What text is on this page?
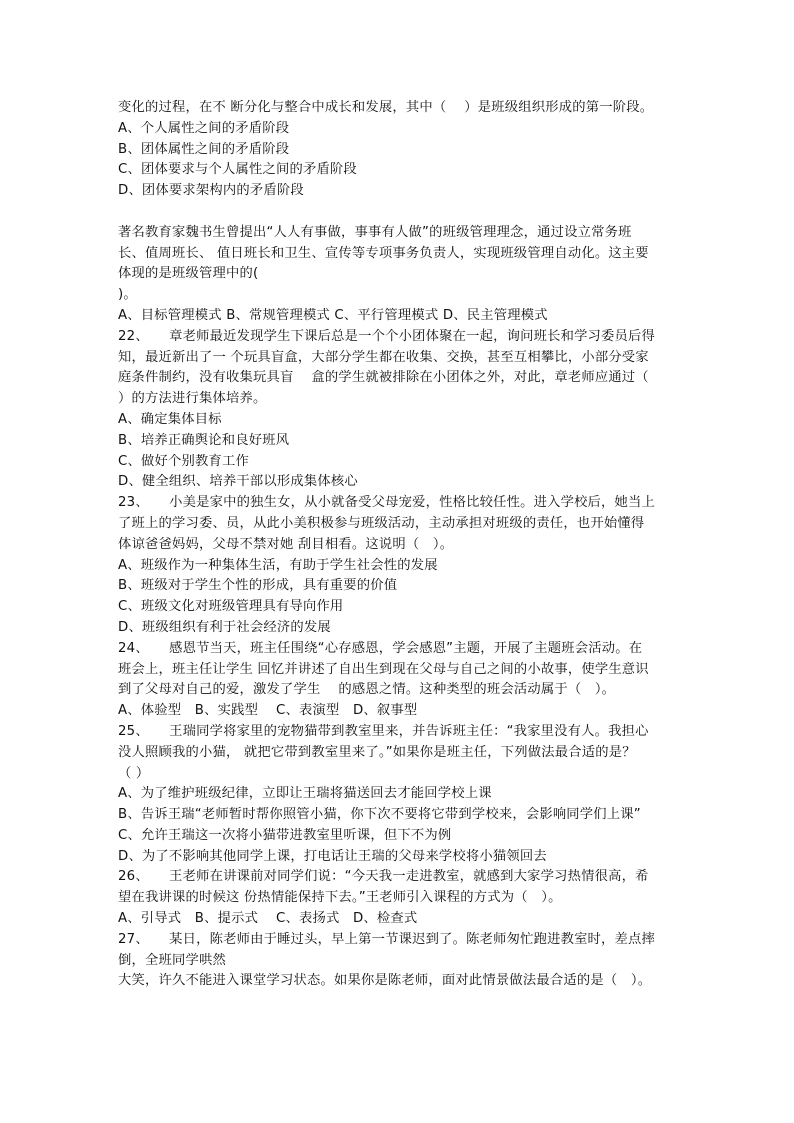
变化的过程，在不 断分化与整合中成长和发展，其中（　 ）是班级组织形成的第一阶段。
A、个人属性之间的矛盾阶段
B、团体属性之间的矛盾阶段
C、团体要求与个人属性之间的矛盾阶段
D、团体要求架构内的矛盾阶段
著名教育家魏书生曾提出“人人有事做，事事有人做”的班级管理理念，通过设立常务班
长、值周班长、 值日班长和卫生、宣传等专项事务负责人，实现班级管理自动化。这主要
体现的是班级管理中的(
)。
A、目标管理模式 B、常规管理模式 C、平行管理模式 D、民主管理模式
22、　　章老师最近发现学生下课后总是一个个小团体聚在一起，询问班长和学习委员后得
知，最近新出了一 个玩具盲盒，大部分学生都在收集、交换，甚至互相攀比，小部分受家
庭条件制约，没有收集玩具盲　 盒的学生就被排除在小团体之外，对此，章老师应通过（
）的方法进行集体培养。
A、确定集体目标
B、培养正确舆论和良好班风
C、做好个别教育工作
D、健全组织、培养干部以形成集体核心
23、　　小美是家中的独生女，从小就备受父母宠爱，性格比较任性。进入学校后，她当上
了班上的学习委、员，从此小美积极参与班级活动，主动承担对班级的责任，也开始懂得
体谅爸爸妈妈，父母不禁对她 刮目相看。这说明（　）。
A、班级作为一种集体生活，有助于学生社会性的发展
B、班级对于学生个性的形成，具有重要的价值
C、班级文化对班级管理具有导向作用
D、班级组织有利于社会经济的发展
24、　　感恩节当天，班主任围绕“心存感恩，学会感恩”主题，开展了主题班会活动。在
班会上，班主任让学生 回忆并讲述了自出生到现在父母与自己之间的小故事，使学生意识
到了父母对自己的爱，激发了学生　 的感恩之情。这种类型的班会活动属于（　）。
A、体验型　B、实践型　 C、表演型　D、叙事型
25、　　王瑞同学将家里的宠物猫带到教室里来，并告诉班主任：“我家里没有人。我担心
没人照顾我的小猫， 就把它带到教室里来了。”如果你是班主任，下列做法最合适的是？
（ ）
A、为了维护班级纪律，立即让王瑞将猫送回去才能回学校上课
B、告诉王瑞“老师暂时帮你照管小猫，你下次不要将它带到学校来，会影响同学们上课”
C、允许王瑞这一次将小猫带进教室里听课，但下不为例
D、为了不影响其他同学上课，打电话让王瑞的父母来学校将小猫领回去
26、　　王老师在讲课前对同学们说：“今天我一走进教室，就感到大家学习热情很高，希
望在我讲课的时候这 份热情能保持下去。”王老师引入课程的方式为（　）。
A、引导式　B、提示式　 C、表扬式　D、检查式
27、　　某日，陈老师由于睡过头，早上第一节课迟到了。陈老师匆忙跑进教室时，差点摔
倒，全班同学哄然
大笑，许久不能进入课堂学习状态。如果你是陈老师，面对此情景做法最合适的是（　）。
